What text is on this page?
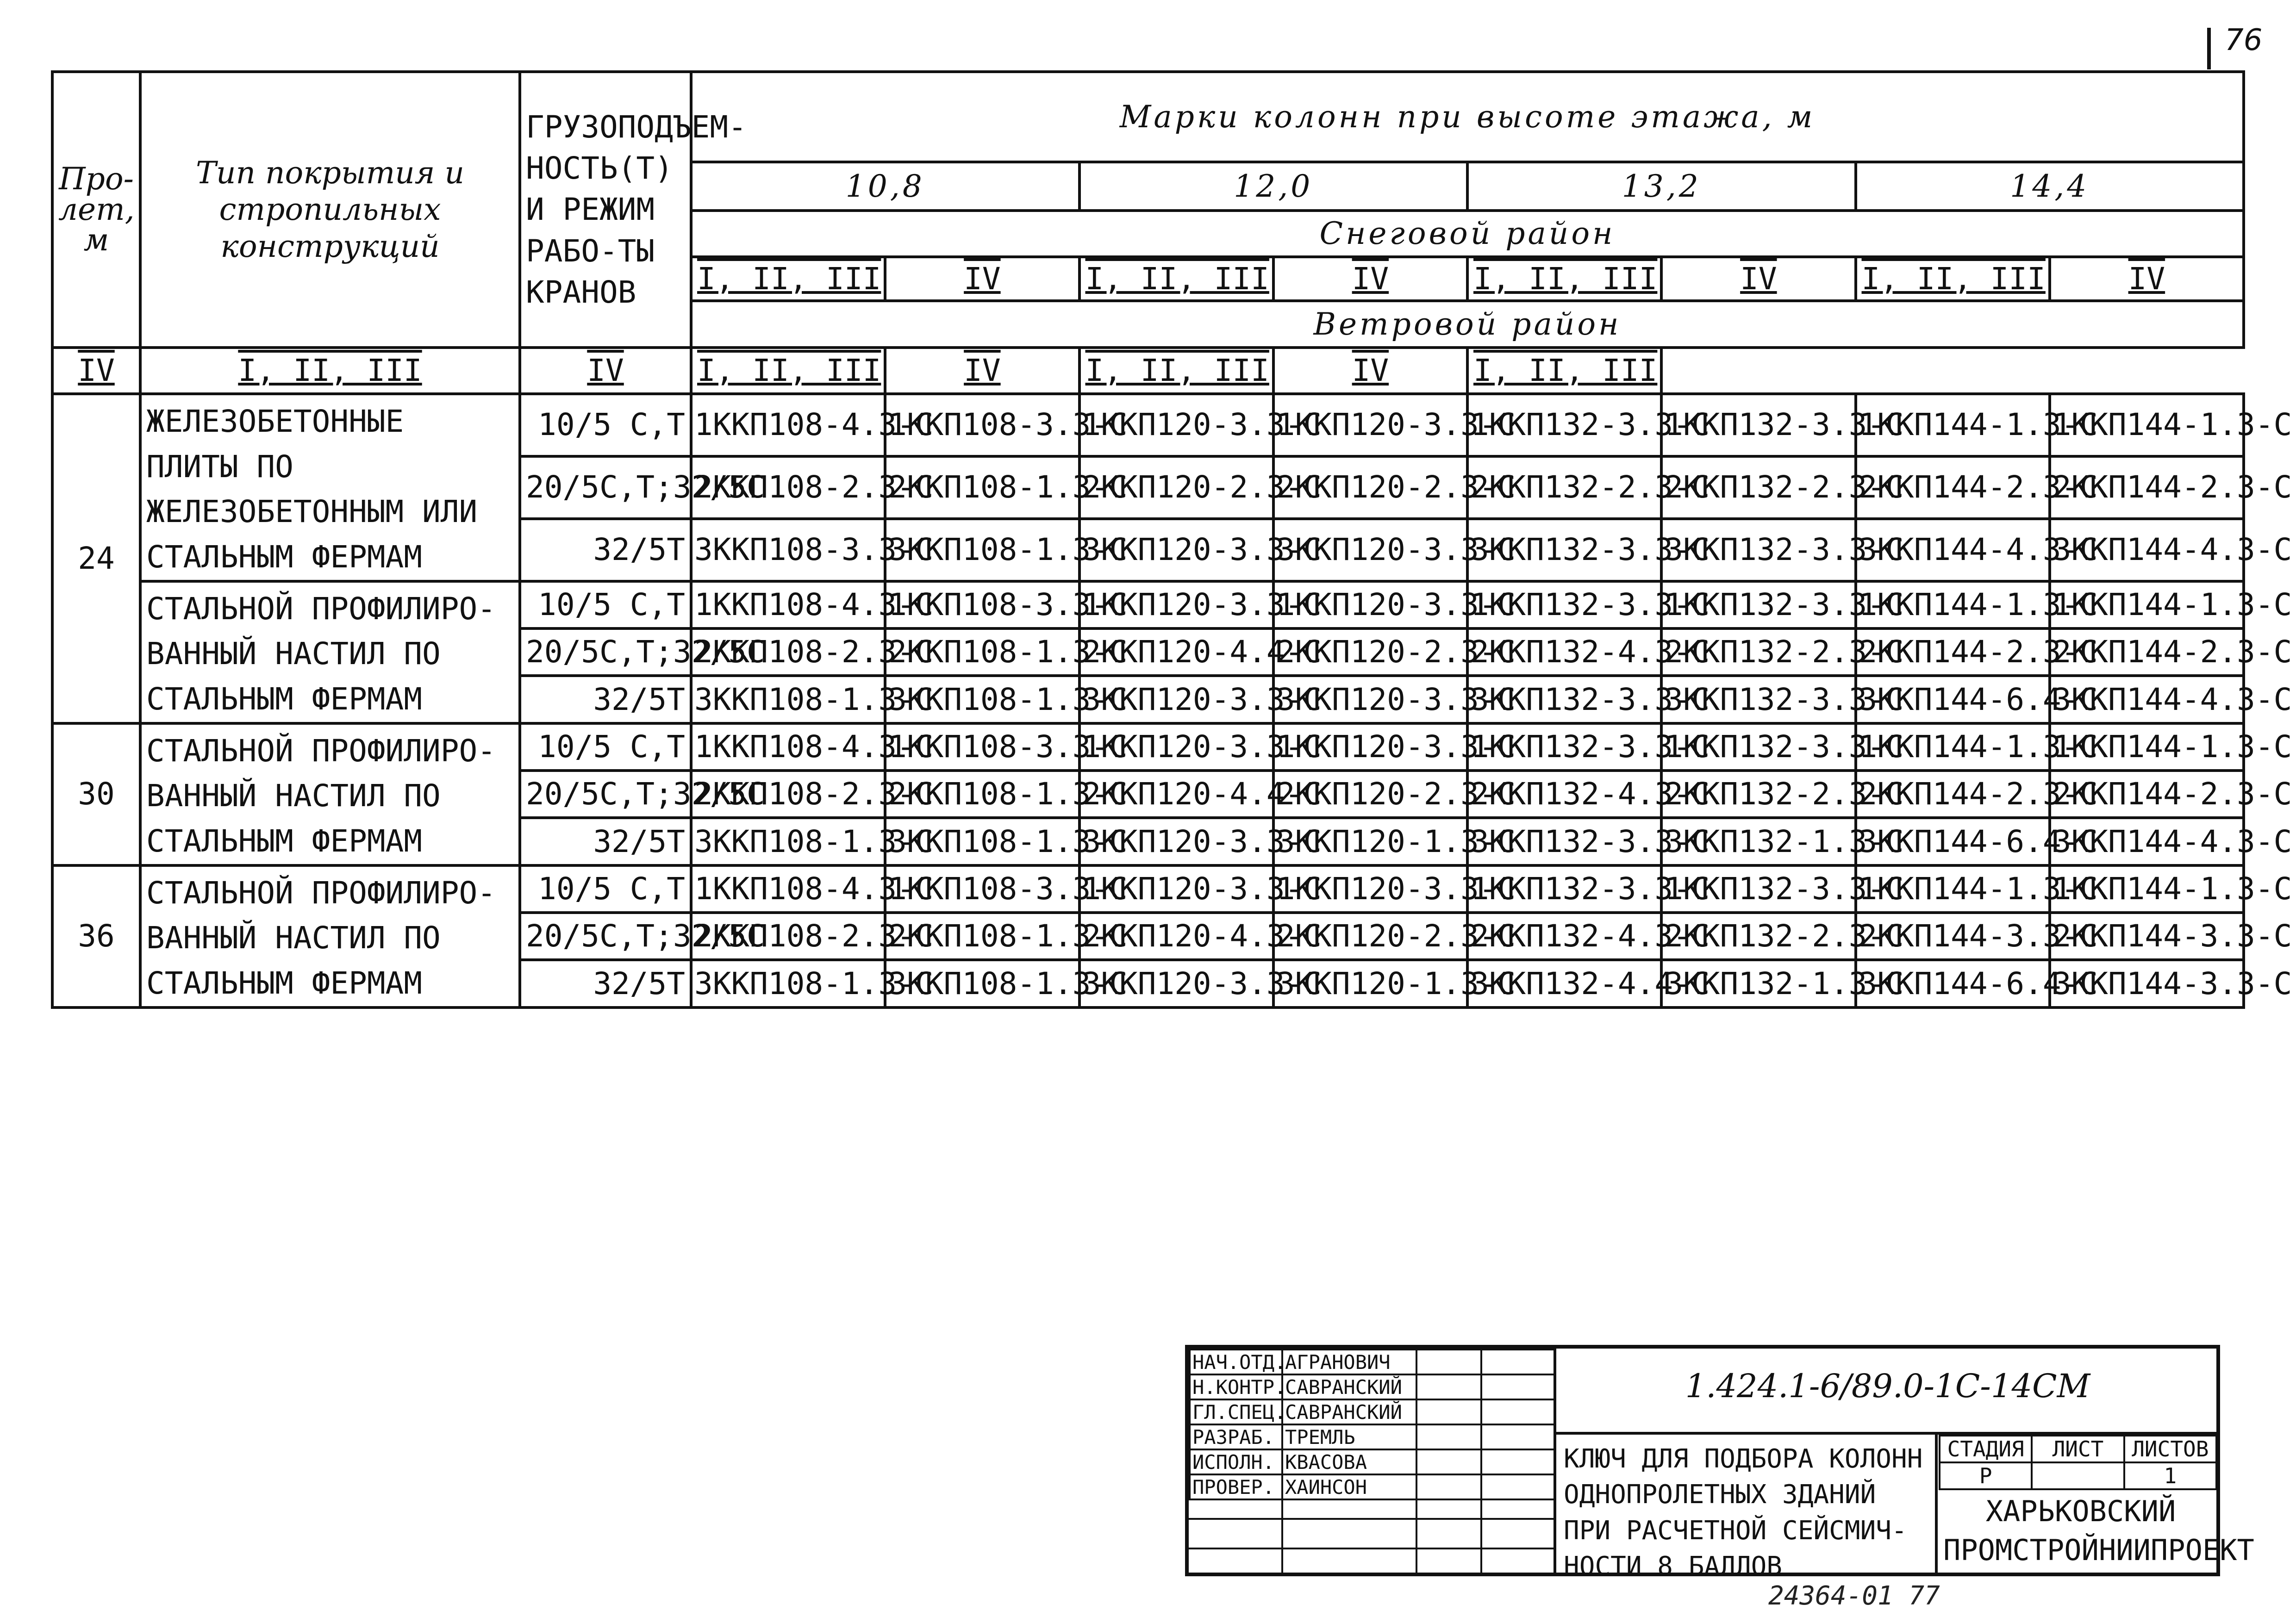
76
Про-
лет,
м	Тип покрытия и стропильных конструкций	ГРУЗОПОДЪЕМ-НОСТЬ(Т) И РЕЖИМ РАБО-ТЫ КРАНОВ	Марки колонн при высоте этажа, м							
			10,8		12,0		13,2		14,4	
			Снеговой район							
			I, II, III	IV	I, II, III	IV	I, II, III	IV	I, II, III	IV
			Ветровой район							
IV	I, II, III	IV	I, II, III	IV	I, II, III	IV	I, II, III			
24	ЖЕЛЕЗОБЕТОННЫЕ ПЛИТЫ ПО ЖЕЛЕЗОБЕТОННЫМ ИЛИ СТАЛЬНЫМ ФЕРМАМ	10/5 С,Т	1ККП108-4.3-С	1ККП108-3.3-С	1ККП120-3.3-С	1ККП120-3.3-С	1ККП132-3.3-С	1ККП132-3.3-С	1ККП144-1.3-С	1ККП144-1.3-С
		20/5С,Т;32/5С	2ККП108-2.3-С	2ККП108-1.3-С	2ККП120-2.3-С	2ККП120-2.3-С	2ККП132-2.3-С	2ККП132-2.3-С	2ККП144-2.3-С	2ККП144-2.3-С
		32/5Т	3ККП108-3.3-С	3ККП108-1.3-С	3ККП120-3.3-С	3ККП120-3.3-С	3ККП132-3.3-С	3ККП132-3.3-С	3ККП144-4.3-С	3ККП144-4.3-С
	СТАЛЬНОЙ ПРОФИЛИРО-ВАННЫЙ НАСТИЛ ПО СТАЛЬНЫМ ФЕРМАМ	10/5 С,Т	1ККП108-4.3-С	1ККП108-3.3-С	1ККП120-3.3-С	1ККП120-3.3-С	1ККП132-3.3-С	1ККП132-3.3-С	1ККП144-1.3-С	1ККП144-1.3-С
		20/5С,Т;32/5С	2ККП108-2.3-С	2ККП108-1.3-С	2ККП120-4.4-С	2ККП120-2.3-С	2ККП132-4.3-С	2ККП132-2.3-С	2ККП144-2.3-С	2ККП144-2.3-С
		32/5Т	3ККП108-1.3-С	3ККП108-1.3-С	3ККП120-3.3-С	3ККП120-3.3-С	3ККП132-3.3-С	3ККП132-3.3-С	3ККП144-6.4-С	3ККП144-4.3-С
30	СТАЛЬНОЙ ПРОФИЛИРО-ВАННЫЙ НАСТИЛ ПО СТАЛЬНЫМ ФЕРМАМ	10/5 С,Т	1ККП108-4.3-С	1ККП108-3.3-С	1ККП120-3.3-С	1ККП120-3.3-С	1ККП132-3.3-С	1ККП132-3.3-С	1ККП144-1.3-С	1ККП144-1.3-С
		20/5С,Т;32/5С	2ККП108-2.3-С	2ККП108-1.3-С	2ККП120-4.4-С	2ККП120-2.3-С	2ККП132-4.3-С	2ККП132-2.3-С	2ККП144-2.3-С	2ККП144-2.3-С
		32/5Т	3ККП108-1.3-С	3ККП108-1.3-С	3ККП120-3.3-С	3ККП120-1.3-С	3ККП132-3.3-С	3ККП132-1.3-С	3ККП144-6.4-С	3ККП144-4.3-С
36	СТАЛЬНОЙ ПРОФИЛИРО-ВАННЫЙ НАСТИЛ ПО СТАЛЬНЫМ ФЕРМАМ	10/5 С,Т	1ККП108-4.3-С	1ККП108-3.3-С	1ККП120-3.3-С	1ККП120-3.3-С	1ККП132-3.3-С	1ККП132-3.3-С	1ККП144-1.3-С	1ККП144-1.3-С
		20/5С,Т;32/5С	2ККП108-2.3-С	2ККП108-1.3-С	2ККП120-4.3-С	2ККП120-2.3-С	2ККП132-4.3-С	2ККП132-2.3-С	2ККП144-3.3-С	2ККП144-3.3-С
		32/5Т	3ККП108-1.3-С	3ККП108-1.3-С	3ККП120-3.3-С	3ККП120-1.3-С	3ККП132-4.4-С	3ККП132-1.3-С	3ККП144-6.4-С	3ККП144-3.3-С
НАЧ.ОТД.	АГРАНОВИЧ		
Н.КОНТР.	САВРАНСКИЙ		
ГЛ.СПЕЦ.	САВРАНСКИЙ		
РАЗРАБ.	ТРЕМЛЬ		
ИСПОЛН.	КВАСОВА		
ПРОВЕР.	ХАИНСОН		
1.424.1-6/89.0-1С-14СМ
КЛЮЧ ДЛЯ ПОДБОРА КОЛОНН
ОДНОПРОЛЕТНЫХ ЗДАНИЙ
ПРИ РАСЧЕТНОЙ СЕЙСМИЧ-
НОСТИ 8 БАЛЛОВ
СТАДИЯ	ЛИСТ	ЛИСТОВ
Р		1
ХАРЬКОВСКИЙ
ПРОМСТРОЙНИИПРОЕКТ
24364-01 77
